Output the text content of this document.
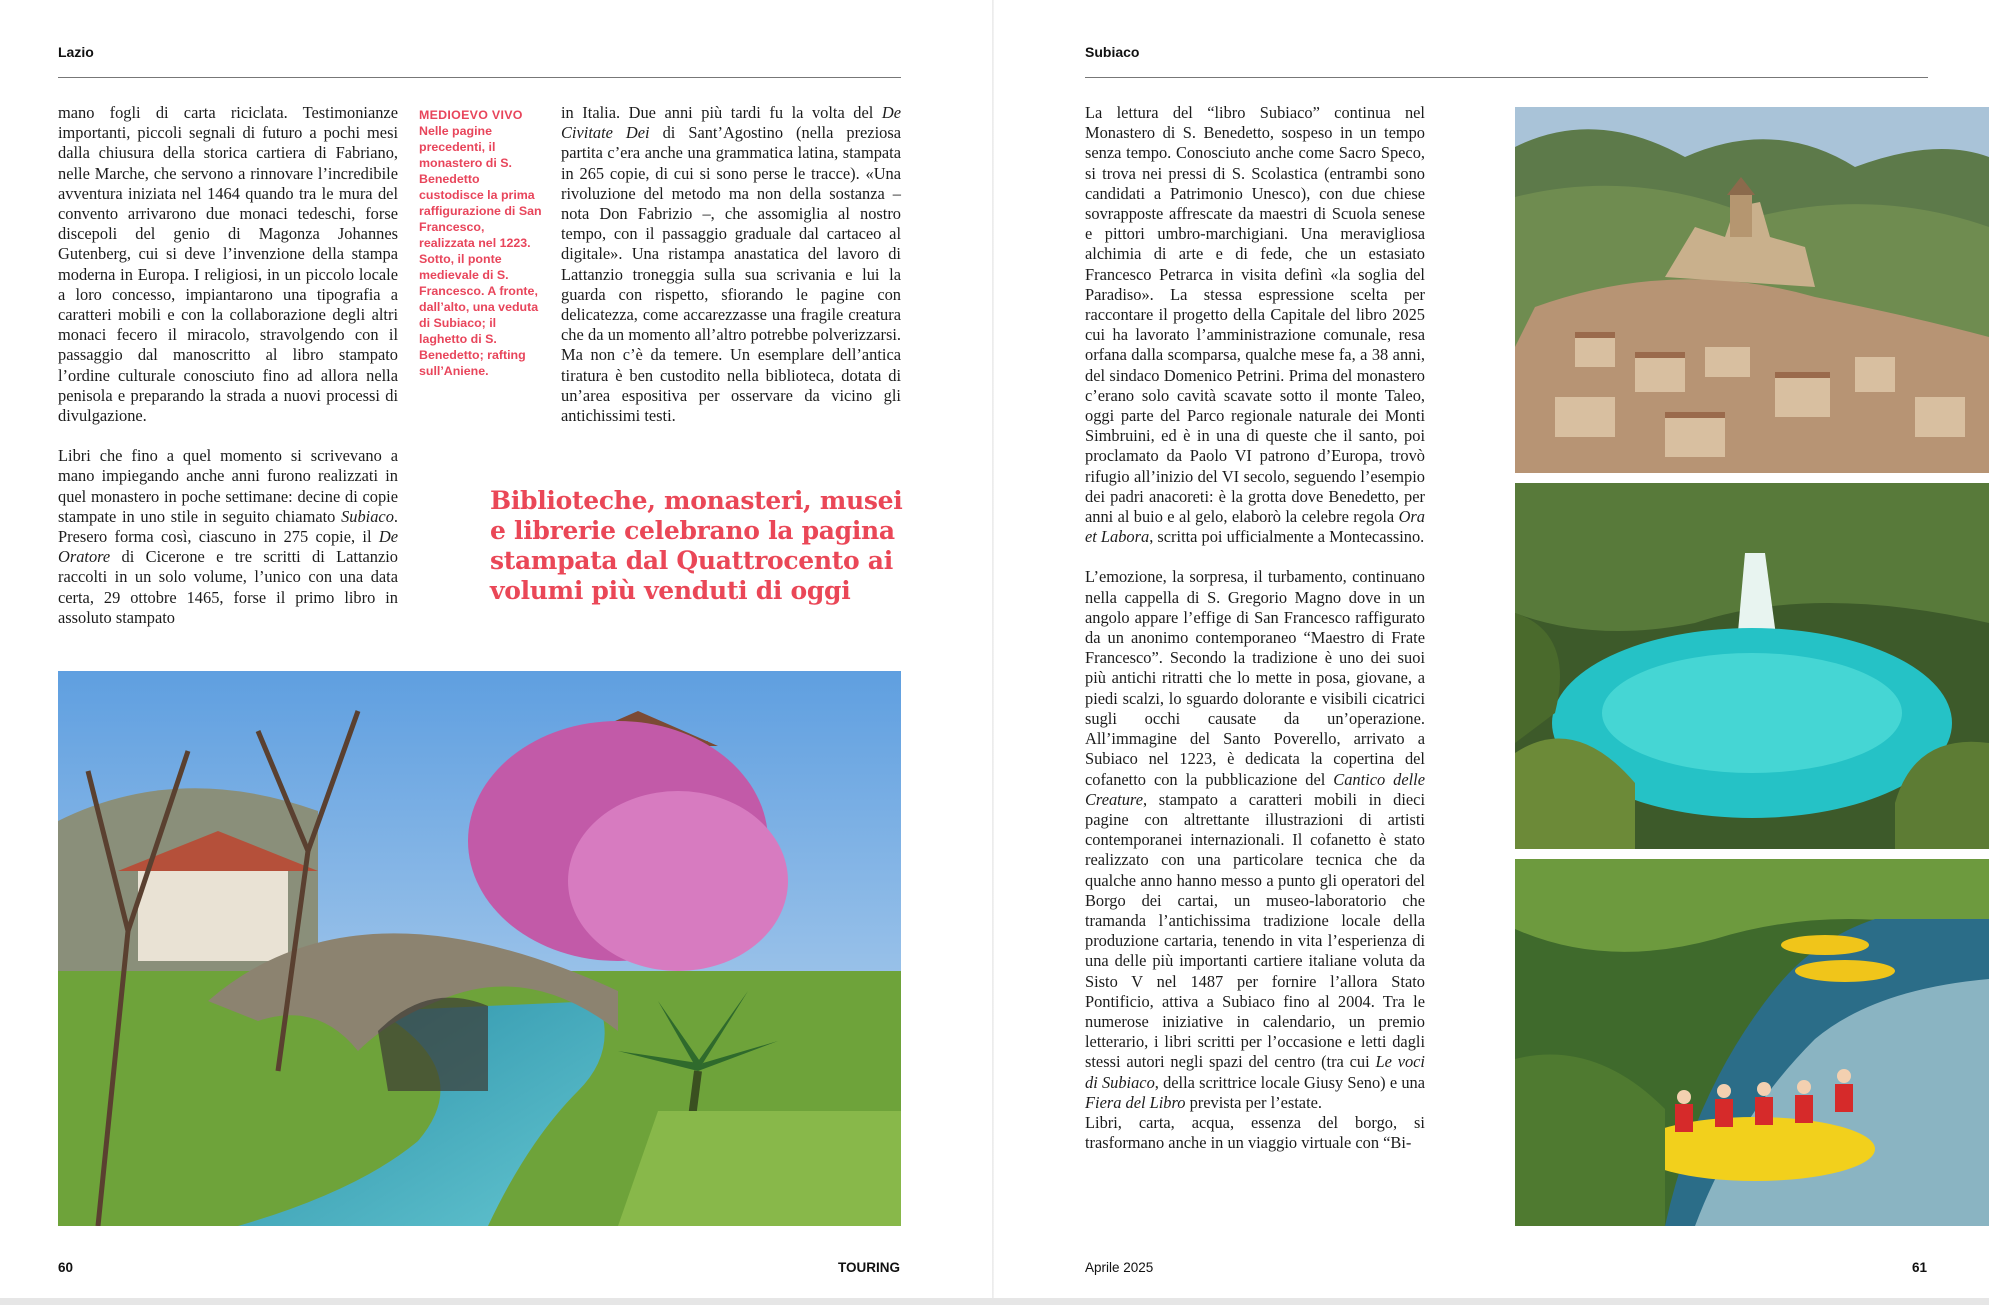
Lazio

mano fogli di carta riciclata. Testimonianze importanti, piccoli segnali di futuro a pochi mesi dalla chiusura della storica cartiera di Fabriano, nelle Marche, che servono a rinnovare l’incredibile avventura iniziata nel 1464 quando tra le mura del convento arrivarono due monaci tedeschi, forse discepoli del genio di Magonza Johannes Gutenberg, cui si deve l’invenzione della stampa moderna in Europa. I religiosi, in un piccolo locale a loro concesso, impiantarono una tipografia a caratteri mobili e con la collaborazione degli altri monaci fecero il miracolo, stravolgendo con il passaggio dal manoscritto al libro stampato l’ordine culturale conosciuto fino ad allora nella penisola e preparando la strada a nuovi processi di divulgazione.

Libri che fino a quel momento si scrivevano a mano impiegando anche anni furono realizzati in quel monastero in poche settimane: decine di copie stampate in uno stile in seguito chiamato Subiaco. Presero forma così, ciascuno in 275 copie, il De Oratore di Cicerone e tre scritti di Lattanzio raccolti in un solo volume, l’unico con una data certa, 29 ottobre 1465, forse il primo libro in assoluto stampato

MEDIOEVO VIVO
Nelle pagine precedenti, il monastero di S. Benedetto custodisce la prima raffigurazione di San Francesco, realizzata nel 1223. Sotto, il ponte medievale di S. Francesco. A fronte, dall’alto, una veduta di Subiaco; il laghetto di S. Benedetto; rafting sull’Aniene.

in Italia. Due anni più tardi fu la volta del De Civitate Dei di Sant’Agostino (nella preziosa partita c’era anche una grammatica latina, stampata in 265 copie, di cui si sono perse le tracce). «Una rivoluzione del metodo ma non della sostanza – nota Don Fabrizio –, che assomiglia al nostro tempo, con il passaggio graduale dal cartaceo al digitale». Una ristampa anastatica del lavoro di Lattanzio troneggia sulla sua scrivania e lui la guarda con rispetto, sfiorando le pagine con delicatezza, come accarezzasse una fragile creatura che da un momento all’altro potrebbe polverizzarsi. Ma non c’è da temere. Un esemplare dell’antica tiratura è ben custodito nella biblioteca, dotata di un’area espositiva per osservare da vicino gli antichissimi testi.

Biblioteche, monasteri, musei e librerie celebrano la pagina stampata dal Quattrocento ai volumi più venduti di oggi
60	TOURING
Subiaco

La lettura del “libro Subiaco” continua nel Monastero di S. Benedetto, sospeso in un tempo senza tempo. Conosciuto anche come Sacro Speco, si trova nei pressi di S. Scolastica (entrambi sono candidati a Patrimonio Unesco), con due chiese sovrapposte affrescate da maestri di Scuola senese e pittori umbro-marchigiani. Una meravigliosa alchimia di arte e di fede, che un estasiato Francesco Petrarca in visita definì «la soglia del Paradiso». La stessa espressione scelta per raccontare il progetto della Capitale del libro 2025 cui ha lavorato l’amministrazione comunale, resa orfana dalla scomparsa, qualche mese fa, a 38 anni, del sindaco Domenico Petrini. Prima del monastero c’erano solo cavità scavate sotto il monte Taleo, oggi parte del Parco regionale naturale dei Monti Simbruini, ed è in una di queste che il santo, poi proclamato da Paolo VI patrono d’Europa, trovò rifugio all’inizio del VI secolo, seguendo l’esempio dei padri anacoreti: è la grotta dove Benedetto, per anni al buio e al gelo, elaborò la celebre regola Ora et Labora, scritta poi ufficialmente a Montecassino.

L’emozione, la sorpresa, il turbamento, continuano nella cappella di S. Gregorio Magno dove in un angolo appare l’effige di San Francesco raffigurato da un anonimo contemporaneo “Maestro di Frate Francesco”. Secondo la tradizione è uno dei suoi più antichi ritratti che lo mette in posa, giovane, a piedi scalzi, lo sguardo dolorante e visibili cicatrici sugli occhi causate da un’operazione. All’immagine del Santo Poverello, arrivato a Subiaco nel 1223, è dedicata la copertina del cofanetto con la pubblicazione del Cantico delle Creature, stampato a caratteri mobili in dieci pagine con altrettante illustrazioni di artisti contemporanei internazionali. Il cofanetto è stato realizzato con una particolare tecnica che da qualche anno hanno messo a punto gli operatori del Borgo dei cartai, un museo-laboratorio che tramanda l’antichissima tradizione locale della produzione cartaria, tenendo in vita l’esperienza di una delle più importanti cartiere italiane voluta da Sisto V nel 1487 per fornire l’allora Stato Pontificio, attiva a Subiaco fino al 2004. Tra le numerose iniziative in calendario, un premio letterario, i libri scritti per l’occasione e letti dagli stessi autori negli spazi del centro (tra cui Le voci di Subiaco, della scrittrice locale Giusy Seno) e una Fiera del Libro prevista per l’estate.

Libri, carta, acqua, essenza del borgo, si trasformano anche in un viaggio virtuale con “Bi-

Aprile 2025	61
